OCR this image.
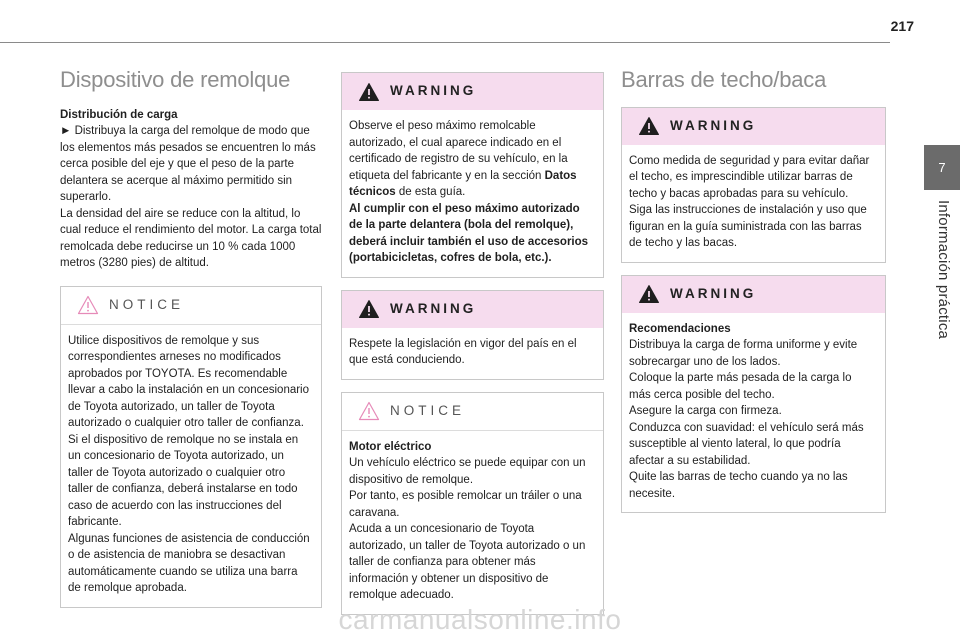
217
7
Información práctica
Dispositivo de remolque

Distribución de carga

► Distribuya la carga del remolque de modo que los elementos más pesados se encuentren lo más cerca posible del eje y que el peso de la parte delantera se acerque al máximo permitido sin superarlo.

La densidad del aire se reduce con la altitud, lo cual reduce el rendimiento del motor. La carga total remolcada debe reducirse un 10 % cada 1000 metros (3280 pies) de altitud.

NOTICE

Utilice dispositivos de remolque y sus correspondientes arneses no modificados aprobados por TOYOTA. Es recomendable llevar a cabo la instalación en un concesionario de Toyota autorizado, un taller de Toyota autorizado o cualquier otro taller de confianza.

Si el dispositivo de remolque no se instala en un concesionario de Toyota autorizado, un taller de Toyota autorizado o cualquier otro taller de confianza, deberá instalarse en todo caso de acuerdo con las instrucciones del fabricante.

Algunas funciones de asistencia de conducción o de asistencia de maniobra se desactivan automáticamente cuando se utiliza una barra de remolque aprobada.

WARNING

Observe el peso máximo remolcable autorizado, el cual aparece indicado en el certificado de registro de su vehículo, en la etiqueta del fabricante y en la sección Datos técnicos de esta guía.

Al cumplir con el peso máximo autorizado de la parte delantera (bola del remolque), deberá incluir también el uso de accesorios (portabicicletas, cofres de bola, etc.).

WARNING

Respete la legislación en vigor del país en el que está conduciendo.

NOTICE

Motor eléctrico

Un vehículo eléctrico se puede equipar con un dispositivo de remolque.

Por tanto, es posible remolcar un tráiler o una caravana.

Acuda a un concesionario de Toyota autorizado, un taller de Toyota autorizado o un taller de confianza para obtener más información y obtener un dispositivo de remolque adecuado.

Barras de techo/baca
WARNING

Como medida de seguridad y para evitar dañar el techo, es imprescindible utilizar barras de techo y bacas aprobadas para su vehículo.

Siga las instrucciones de instalación y uso que figuran en la guía suministrada con las barras de techo y las bacas.

WARNING

Recomendaciones

Distribuya la carga de forma uniforme y evite sobrecargar uno de los lados.

Coloque la parte más pesada de la carga lo más cerca posible del techo.

Asegure la carga con firmeza.

Conduzca con suavidad: el vehículo será más susceptible al viento lateral, lo que podría afectar a su estabilidad.

Quite las barras de techo cuando ya no las necesite.

carmanualsonline.info
